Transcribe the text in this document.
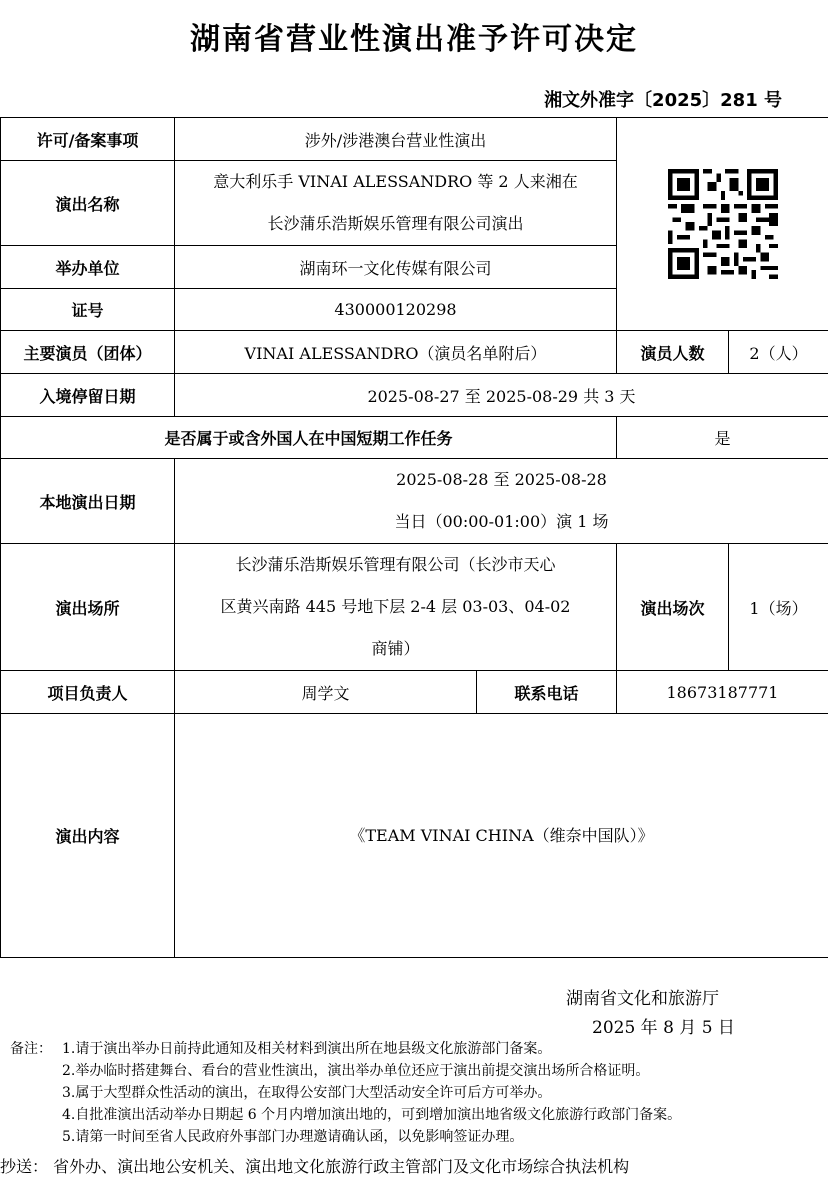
湖南省营业性演出准予许可决定
湘文外准字〔2025〕281 号
许可/备案事项	涉外/涉港澳台营业性演出	

演出名称	意大利乐手 VINAI ALESSANDRO 等 2 人来湘在
长沙蒲乐浩斯娱乐管理有限公司演出			

举办单位	湖南环一文化传媒有限公司			
证号	430000120298			
主要演员（团体）	VINAI ALESSANDRO（演员名单附后）		演员人数	2（人）
入境停留日期	2025-08-27 至 2025-08-29 共 3 天			
是否属于或含外国人在中国短期工作任务			是	
本地演出日期	2025-08-28 至 2025-08-28
当日（00:00-01:00）演 1 场			

演出场所	长沙蒲乐浩斯娱乐管理有限公司（长沙市天心
区黄兴南路 445 号地下层 2-4 层 03-03、04-02
商铺）		演出场次	1（场）
项目负责人	周学文	联系电话	18673187771	
演出内容	《TEAM VINAI CHINA（维奈中国队）》			
湖南省文化和旅游厅
2025 年 8 月 5 日
备注： 1.请于演出举办日前持此通知及相关材料到演出所在地县级文化旅游部门备案。
2.举办临时搭建舞台、看台的营业性演出，演出举办单位还应于演出前提交演出场所合格证明。
3.属于大型群众性活动的演出，在取得公安部门大型活动安全许可后方可举办。
4.自批准演出活动举办日期起 6 个月内增加演出地的，可到增加演出地省级文化旅游行政部门备案。
5.请第一时间至省人民政府外事部门办理邀请确认函，以免影响签证办理。
抄送： 省外办、演出地公安机关、演出地文化旅游行政主管部门及文化市场综合执法机构
